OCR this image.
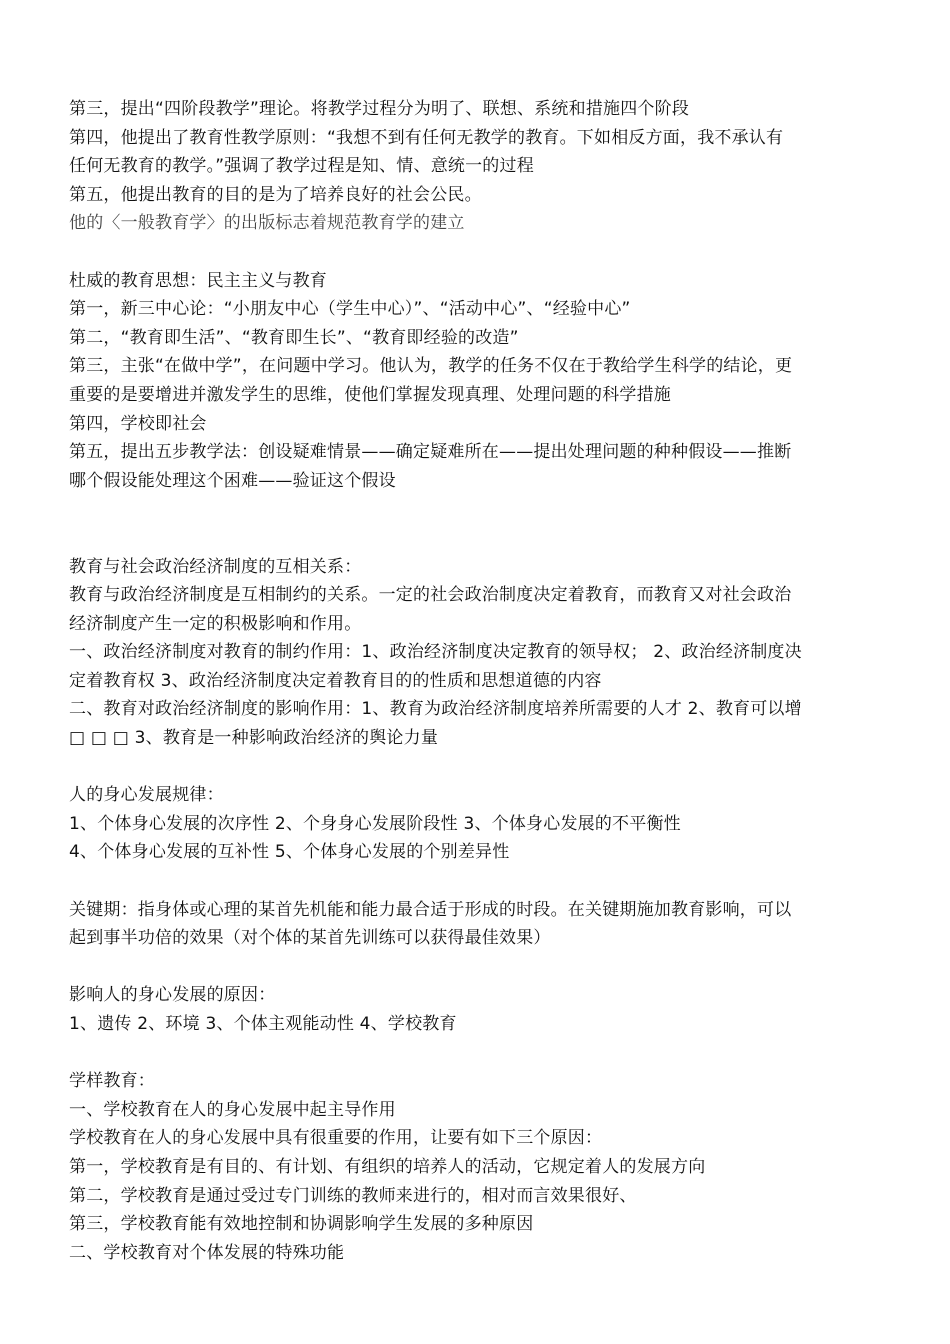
第三，提出“四阶段教学”理论。将教学过程分为明了、联想、系统和措施四个阶段
第四，他提出了教育性教学原则：“我想不到有任何无教学的教育。下如相反方面，我不承认有
任何无教育的教学。”强调了教学过程是知、情、意统一的过程
第五，他提出教育的目的是为了培养良好的社会公民。
他的〈一般教育学〉的出版标志着规范教育学的建立
杜威的教育思想：民主主义与教育
第一，新三中心论：“小朋友中心（学生中心）”、“活动中心”、“经验中心”
第二，“教育即生活”、“教育即生长”、“教育即经验的改造”
第三，主张“在做中学”，在问题中学习。他认为，教学的任务不仅在于教给学生科学的结论，更
重要的是要增进并激发学生的思维，使他们掌握发现真理、处理问题的科学措施
第四，学校即社会
第五，提出五步教学法：创设疑难情景——确定疑难所在——提出处理问题的种种假设——推断
哪个假设能处理这个困难——验证这个假设
教育与社会政治经济制度的互相关系：
教育与政治经济制度是互相制约的关系。一定的社会政治制度决定着教育，而教育又对社会政治
经济制度产生一定的积极影响和作用。
一、政治经济制度对教育的制约作用：1、政治经济制度决定教育的领导权； 2、政治经济制度决
定着教育权 3、政治经济制度决定着教育目的的性质和思想道德的内容
二、教育对政治经济制度的影响作用：1、教育为政治经济制度培养所需要的人才 2、教育可以增
□ □ □ 3、教育是一种影响政治经济的舆论力量
人的身心发展规律：
1、个体身心发展的次序性 2、个身身心发展阶段性 3、个体身心发展的不平衡性
4、个体身心发展的互补性 5、个体身心发展的个别差异性
关键期：指身体或心理的某首先机能和能力最合适于形成的时段。在关键期施加教育影响，可以
起到事半功倍的效果（对个体的某首先训练可以获得最佳效果）
影响人的身心发展的原因：
1、遗传 2、环境 3、个体主观能动性 4、学校教育
学样教育：
一、学校教育在人的身心发展中起主导作用
学校教育在人的身心发展中具有很重要的作用，让要有如下三个原因：
第一，学校教育是有目的、有计划、有组织的培养人的活动，它规定着人的发展方向
第二，学校教育是通过受过专门训练的教师来进行的，相对而言效果很好、
第三，学校教育能有效地控制和协调影响学生发展的多种原因
二、学校教育对个体发展的特殊功能
